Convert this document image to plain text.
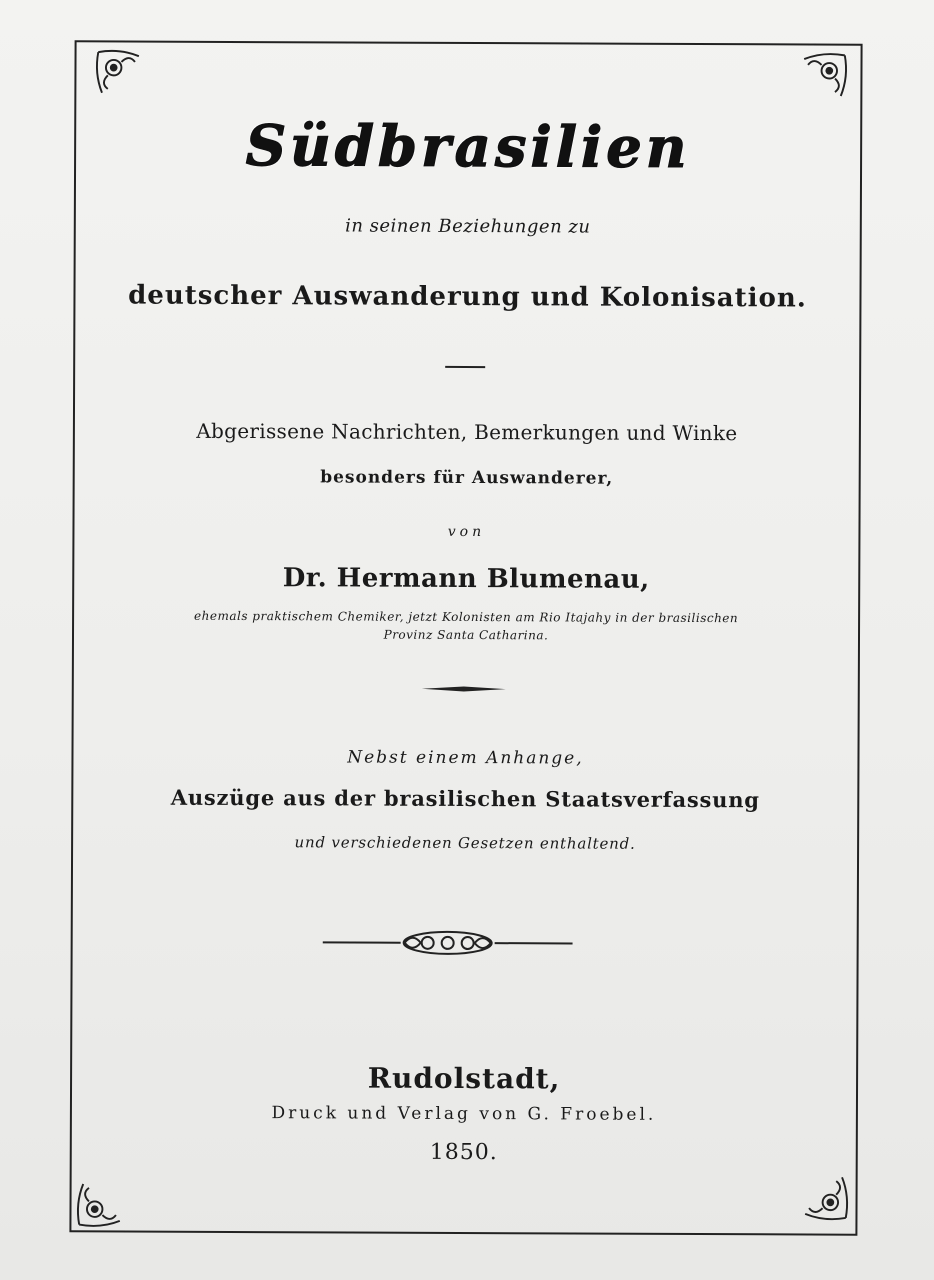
Südbrasilien
in seinen Beziehungen zu
deutscher Auswanderung und Kolonisation.
Abgerissene Nachrichten, Bemerkungen und Winke
besonders für Auswanderer,
von
Dr. Hermann Blumenau,
ehemals praktischem Chemiker, jetzt Kolonisten am Rio Itajahy in der brasilischen
Provinz Santa Catharina.
Nebst einem Anhange,
Auszüge aus der brasilischen Staatsverfassung
und verschiedenen Gesetzen enthaltend.
Rudolstadt,
Druck und Verlag von G. Froebel.
1850.
